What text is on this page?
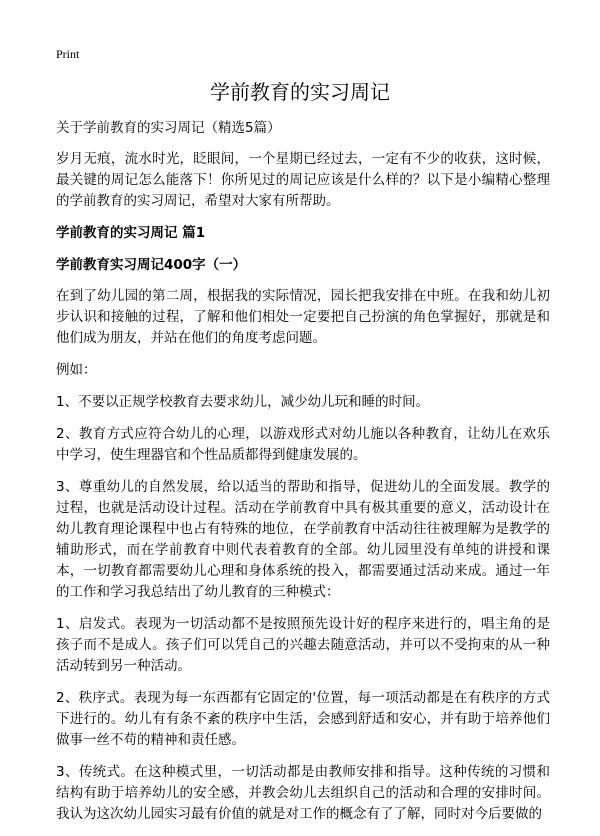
Print
学前教育的实习周记

关于学前教育的实习周记（精选5篇）

岁月无痕，流水时光，眨眼间，一个星期已经过去，一定有不少的收获，这时候，最关键的周记怎么能落下！你所见过的周记应该是什么样的？以下是小编精心整理的学前教育的实习周记，希望对大家有所帮助。

学前教育的实习周记 篇1
学前教育实习周记400字（一）

在到了幼儿园的第二周，根据我的实际情况，园长把我安排在中班。在我和幼儿初步认识和接触的过程，了解和他们相处一定要把自己扮演的角色掌握好，那就是和他们成为朋友，并站在他们的角度考虑问题。

例如：

1、不要以正规学校教育去要求幼儿，减少幼儿玩和睡的时间。

2、教育方式应符合幼儿的心理，以游戏形式对幼儿施以各种教育，让幼儿在欢乐中学习，使生理器官和个性品质都得到健康发展的。

3、尊重幼儿的自然发展，给以适当的帮助和指导，促进幼儿的全面发展。教学的过程，也就是活动设计过程。活动在学前教育中具有极其重要的意义，活动设计在幼儿教育理论课程中也占有特殊的地位，在学前教育中活动往往被理解为是教学的辅助形式，而在学前教育中则代表着教育的全部。幼儿园里没有单纯的讲授和课本，一切教育都需要幼儿心理和身体系统的投入，都需要通过活动来成。通过一年的工作和学习我总结出了幼儿教育的三种模式：

1、启发式。表现为一切活动都不是按照预先设计好的程序来进行的，唱主角的是孩子而不是成人。孩子们可以凭自己的兴趣去随意活动，并可以不受拘束的从一种活动转到另一种活动。

2、秩序式。表现为每一东西都有它固定的'位置，每一项活动都是在有秩序的方式下进行的。幼儿有有条不紊的秩序中生活，会感到舒适和安心，并有助于培养他们做事一丝不苟的精神和责任感。

3、传统式。在这种模式里，一切活动都是由教师安排和指导。这种传统的习惯和结构有助于培养幼儿的安全感，并教会幼儿去组织自己的活动和合理的安排时间。我认为这次幼儿园实习最有价值的就是对工作的概念有了了解，同时对今后要做的
